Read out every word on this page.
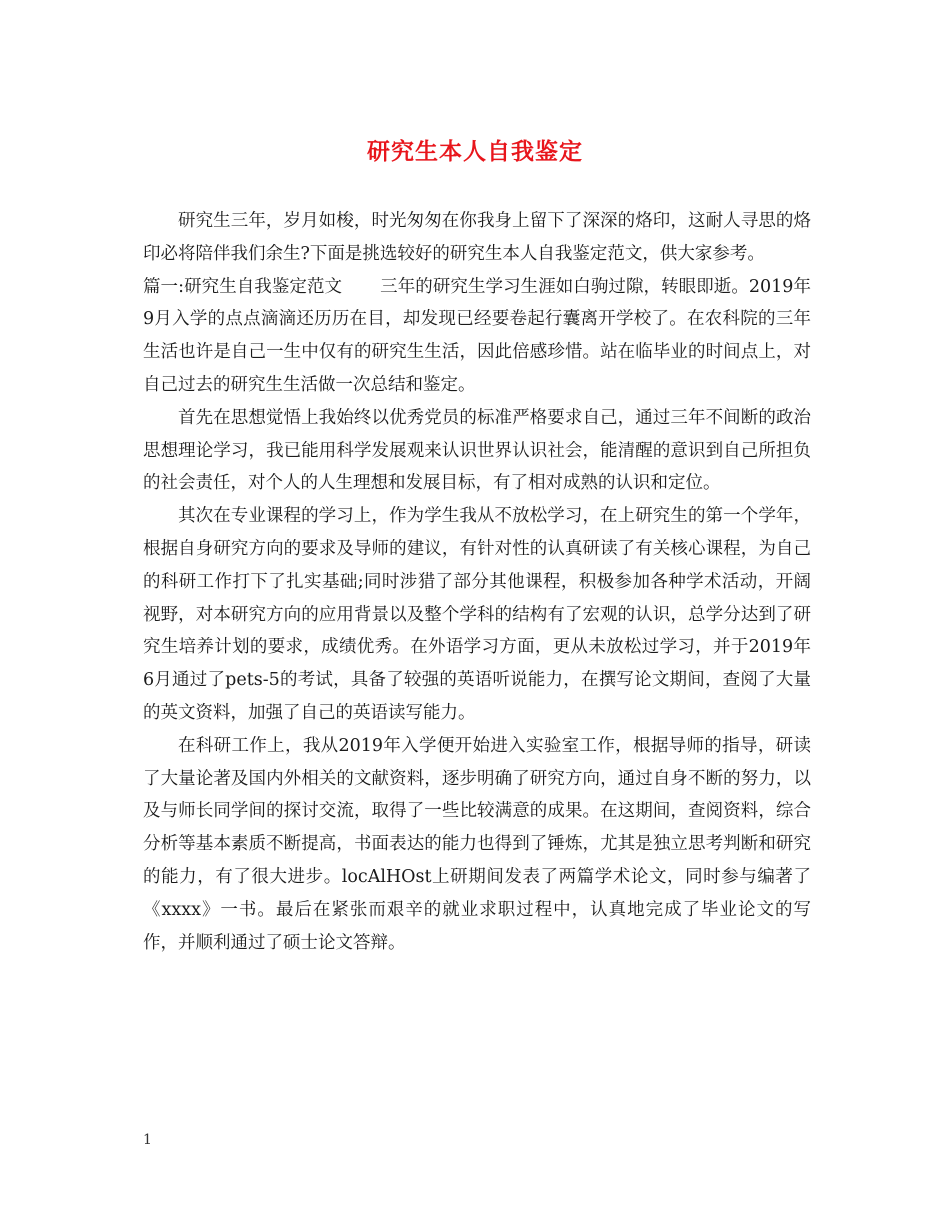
研究生本人自我鉴定

研究生三年，岁月如梭，时光匆匆在你我身上留下了深深的烙印，这耐人寻思的烙印必将陪伴我们余生?下面是挑选较好的研究生本人自我鉴定范文，供大家参考。

篇一:研究生自我鉴定范文 三年的研究生学习生涯如白驹过隙，转眼即逝。2019年9月入学的点点滴滴还历历在目，却发现已经要卷起行囊离开学校了。在农科院的三年生活也许是自己一生中仅有的研究生生活，因此倍感珍惜。站在临毕业的时间点上，对自己过去的研究生生活做一次总结和鉴定。

首先在思想觉悟上我始终以优秀党员的标准严格要求自己，通过三年不间断的政治思想理论学习，我已能用科学发展观来认识世界认识社会，能清醒的意识到自己所担负的社会责任，对个人的人生理想和发展目标，有了相对成熟的认识和定位。

其次在专业课程的学习上，作为学生我从不放松学习，在上研究生的第一个学年，根据自身研究方向的要求及导师的建议，有针对性的认真研读了有关核心课程，为自己的科研工作打下了扎实基础;同时涉猎了部分其他课程，积极参加各种学术活动，开阔视野，对本研究方向的应用背景以及整个学科的结构有了宏观的认识，总学分达到了研究生培养计划的要求，成绩优秀。在外语学习方面，更从未放松过学习，并于2019年6月通过了pets-5的考试，具备了较强的英语听说能力，在撰写论文期间，查阅了大量的英文资料，加强了自己的英语读写能力。

在科研工作上，我从2019年入学便开始进入实验室工作，根据导师的指导，研读了大量论著及国内外相关的文献资料，逐步明确了研究方向，通过自身不断的努力，以及与师长同学间的探讨交流，取得了一些比较满意的成果。在这期间，查阅资料，综合分析等基本素质不断提高，书面表达的能力也得到了锤炼，尤其是独立思考判断和研究的能力，有了很大进步。locAlHOst上研期间发表了两篇学术论文，同时参与编著了《xxxx》一书。最后在紧张而艰辛的就业求职过程中，认真地完成了毕业论文的写作，并顺利通过了硕士论文答辩。

1
